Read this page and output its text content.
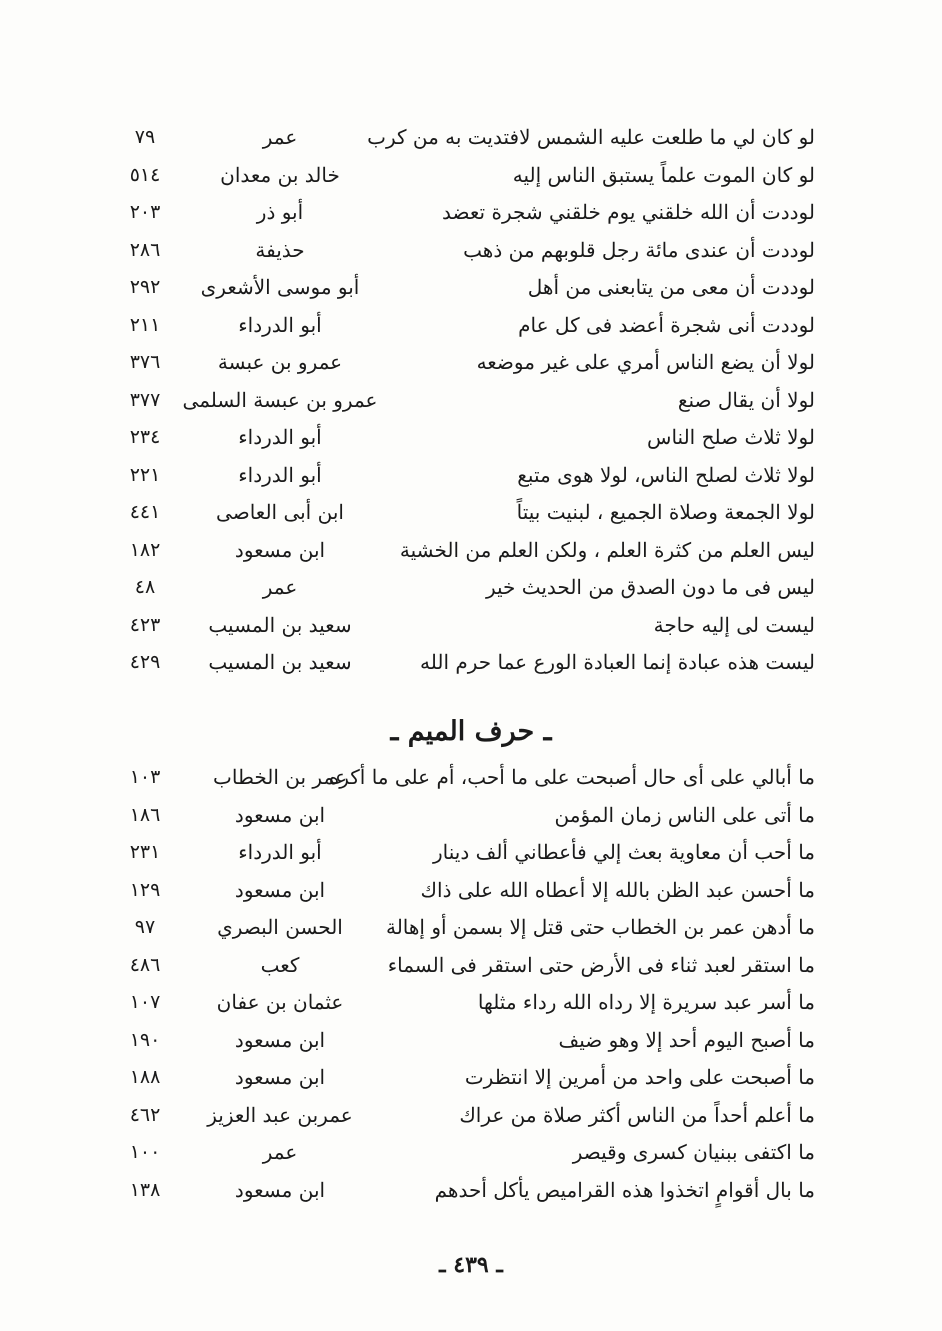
لو كان لي ما طلعت عليه الشمس لافتديت به من كرب
عمر
٧٩
لو كان الموت علماً يستبق الناس إليه
خالد بن معدان
٥١٤
لوددت أن الله خلقني يوم خلقني شجرة تعضد
أبو ذر
٢٠٣
لوددت أن عندى مائة رجل قلوبهم من ذهب
حذيفة
٢٨٦
لوددت أن معى من يتابعنى من أهل
أبو موسى الأشعرى
٢٩٢
لوددت أنى شجرة أعضد فى كل عام
أبو الدرداء
٢١١
لولا أن يضع الناس أمري على غير موضعه
عمرو بن عبسة
٣٧٦
لولا أن يقال صنع
عمرو بن عبسة السلمى
٣٧٧
لولا ثلاث صلح الناس
أبو الدرداء
٢٣٤
لولا ثلاث لصلح الناس، لولا هوى متبع
أبو الدرداء
٢٢١
لولا الجمعة وصلاة الجميع ، لبنيت بيتاً
ابن أبى العاصى
٤٤١
ليس العلم من كثرة العلم ، ولكن العلم من الخشية
ابن مسعود
١٨٢
ليس فى ما دون الصدق من الحديث خير
عمر
٤٨
ليست لى إليه حاجة
سعيد بن المسيب
٤٢٣
ليست هذه عبادة إنما العبادة الورع عما حرم الله
سعيد بن المسيب
٤٢٩
ـ حرف الميم ـ
ما أبالي على أى حال أصبحت على ما أحب، أم على ما أكره
عمر بن الخطاب
١٠٣
ما أتى على الناس زمان المؤمن
ابن مسعود
١٨٦
ما أحب أن معاوية بعث إلي فأعطاني ألف دينار
أبو الدرداء
٢٣١
ما أحسن عبد الظن بالله إلا أعطاه الله على ذاك
ابن مسعود
١٢٩
ما أدهن عمر بن الخطاب حتى قتل إلا بسمن أو إهالة
الحسن البصري
٩٧
ما استقر لعبد ثناء فى الأرض حتى استقر فى السماء
كعب
٤٨٦
ما أسر عبد سريرة إلا رداه الله رداء مثلها
عثمان بن عفان
١٠٧
ما أصبح اليوم أحد إلا وهو ضيف
ابن مسعود
١٩٠
ما أصبحت على واحد من أمرين إلا انتظرت
ابن مسعود
١٨٨
ما أعلم أحداً من الناس أكثر صلاة من عراك
عمربن عبد العزيز
٤٦٢
ما اكتفى ببنيان كسرى وقيصر
عمر
١٠٠
ما بال أقوامٍ اتخذوا هذه القراميص يأكل أحدهم
ابن مسعود
١٣٨
ـ ٤٣٩ ـ
